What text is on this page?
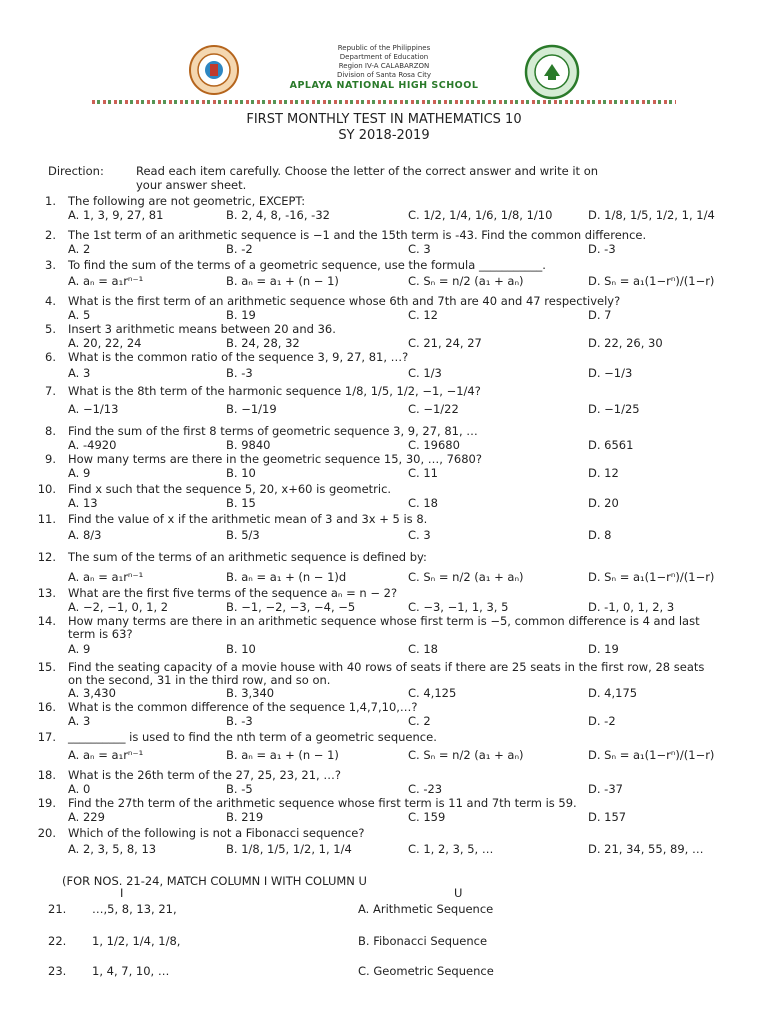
Republic of the Philippines
Department of Education
Region IV-A CALABARZON
Division of Santa Rosa City
APLAYA NATIONAL HIGH SCHOOL
FIRST MONTHLY TEST IN MATHEMATICS 10
SY 2018-2019
Direction:	Read each item carefully. Choose the letter of the correct answer and write it on
your answer sheet.
1. The following are not geometric, EXCEPT:
A. 1, 3, 9, 27, 81	B. 2, 4, 8, -16, -32	C. 1/2, 1/4, 1/6, 1/8, 1/10	D. 1/8, 1/5, 1/2, 1, 1/4
2. The 1st term of an arithmetic sequence is −1 and the 15th term is -43. Find the common difference.
A. 2	B. -2	C. 3	D. -3
3. To find the sum of the terms of a geometric sequence, use the formula ___________.
A. aₙ = a₁rⁿ⁻¹	B. aₙ = a₁ + (n − 1)	C. Sₙ = n/2 (a₁ + aₙ)	D. Sₙ = a₁(1−rⁿ)/(1−r)
4. What is the first term of an arithmetic sequence whose 6th and 7th are 40 and 47 respectively?
A. 5	B. 19	C. 12	D. 7
5. Insert 3 arithmetic means between 20 and 36.
A. 20, 22, 24	B. 24, 28, 32	C. 21, 24, 27	D. 22, 26, 30
6. What is the common ratio of the sequence 3, 9, 27, 81, …?
A. 3	B. -3	C. 1/3	D. −1/3
7. What is the 8th term of the harmonic sequence 1/8, 1/5, 1/2, −1, −1/4?
A. −1/13	B. −1/19	C. −1/22	D. −1/25
8. Find the sum of the first 8 terms of geometric sequence 3, 9, 27, 81, …
A. -4920	B. 9840	C. 19680	D. 6561
9. How many terms are there in the geometric sequence 15, 30, …, 7680?
A. 9	B. 10	C. 11	D. 12
10. Find x such that the sequence 5, 20, x+60 is geometric.
A. 13	B. 15	C. 18	D. 20
11. Find the value of x if the arithmetic mean of 3 and 3x + 5 is 8.
A. 8/3	B. 5/3	C. 3	D. 8
12. The sum of the terms of an arithmetic sequence is defined by:
A. aₙ = a₁rⁿ⁻¹	B. aₙ = a₁ + (n − 1)d	C. Sₙ = n/2 (a₁ + aₙ)	D. Sₙ = a₁(1−rⁿ)/(1−r)
13. What are the first five terms of the sequence aₙ = n − 2?
A. −2, −1, 0, 1, 2	B. −1, −2, −3, −4, −5	C. −3, −1, 1, 3, 5	D. -1, 0, 1, 2, 3
14. How many terms are there in an arithmetic sequence whose first term is −5, common difference is 4 and last
term is 63?
A. 9	B. 10	C. 18	D. 19
15. Find the seating capacity of a movie house with 40 rows of seats if there are 25 seats in the first row, 28 seats
on the second, 31 in the third row, and so on.
A. 3,430	B. 3,340	C. 4,125	D. 4,175
16. What is the common difference of the sequence 1,4,7,10,…?
A. 3	B. -3	C. 2	D. -2
17. __________ is used to find the nth term of a geometric sequence.
A. aₙ = a₁rⁿ⁻¹	B. aₙ = a₁ + (n − 1)	C. Sₙ = n/2 (a₁ + aₙ)	D. Sₙ = a₁(1−rⁿ)/(1−r)
18. What is the 26th term of the 27, 25, 23, 21, …?
A. 0	B. -5	C. -23	D. -37
19. Find the 27th term of the arithmetic sequence whose first term is 11 and 7th term is 59.
A. 229	B. 219	C. 159	D. 157
20. Which of the following is not a Fibonacci sequence?
A. 2, 3, 5, 8, 13	B. 1/8, 1/5, 1/2, 1, 1/4	C. 1, 2, 3, 5, …	D. 21, 34, 55, 89, …
(FOR NOS. 21-24, MATCH COLUMN I WITH COLUMN U
I	U
21. …,5, 8, 13, 21,	A. Arithmetic Sequence
22. 1, 1/2, 1/4, 1/8,	B. Fibonacci Sequence
23. 1, 4, 7, 10, …	C. Geometric Sequence
